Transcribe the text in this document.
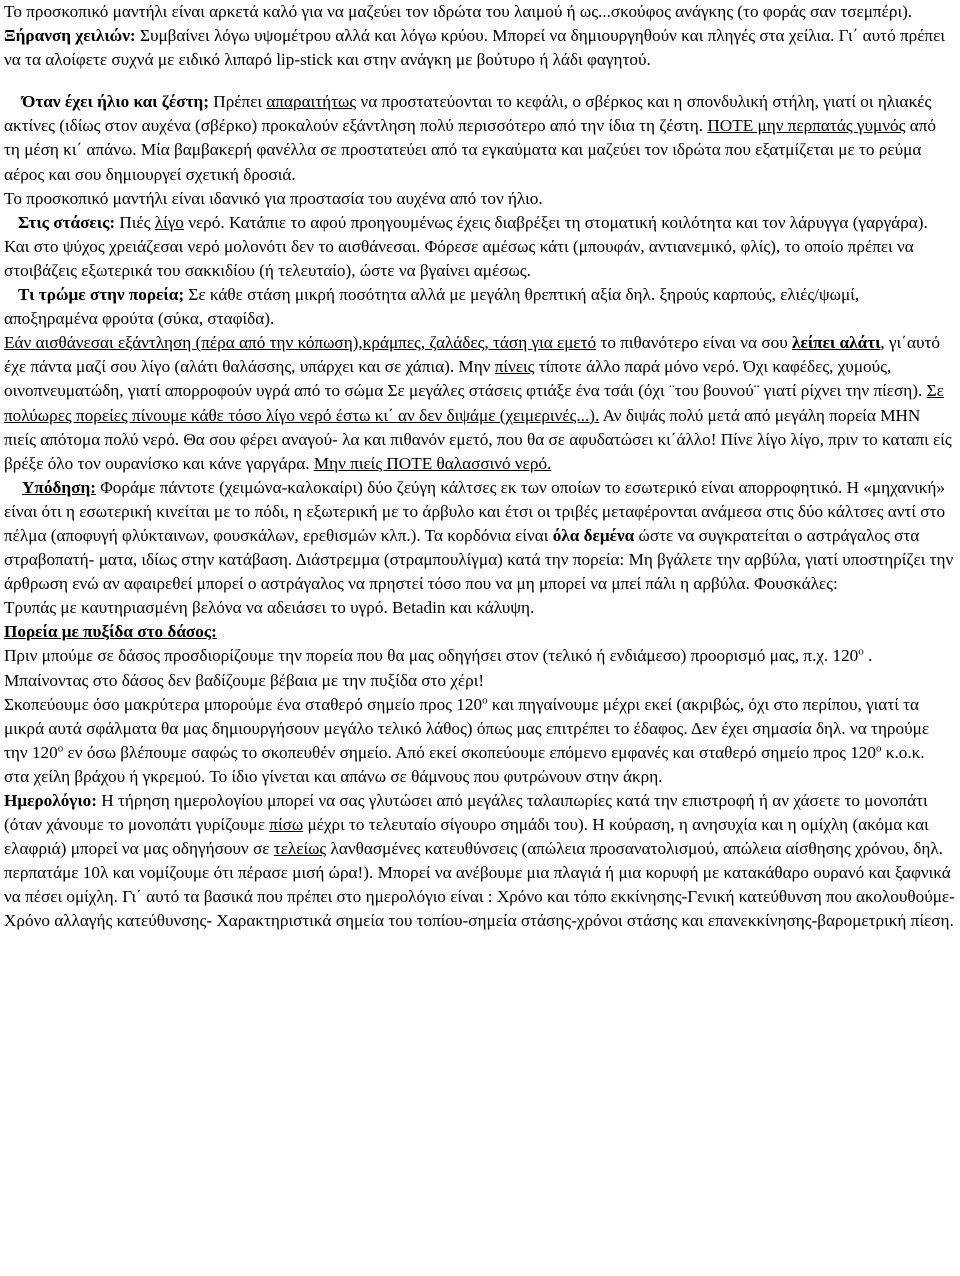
Το προσκοπικό μαντήλι είναι αρκετά καλό για να μαζεύει τον ιδρώτα του λαιμού ή ως...σκούφος ανάγκης (το φοράς σαν τσεμπέρι).

Ξήρανση χειλιών: Συμβαίνει λόγω υψομέτρου αλλά και λόγω κρύου. Μπορεί να δημιουργηθούν και πληγές στα χείλια. Γι΄ αυτό πρέπει να τα αλοίφετε συχνά με ειδικό λιπαρό lip-stick και στην ανάγκη με βούτυρο ή λάδι φαγητού.

Όταν έχει ήλιο και ζέστη; Πρέπει απαραιτήτως να προστατεύονται το κεφάλι, ο σβέρκος και η σπονδυλική στήλη, γιατί οι ηλιακές ακτίνες (ιδίως στον αυχένα (σβέρκο) προκαλούν εξάντληση πολύ περισσότερο από την ίδια τη ζέστη. ΠΟΤΕ μην περπατάς γυμνός από τη μέση κι΄ απάνω. Μία βαμβακερή φανέλλα σε προστατεύει από τα εγκαύματα και μαζεύει τον ιδρώτα που εξατμίζεται με το ρεύμα αέρος και σου δημιουργεί σχετική δροσιά.

Το προσκοπικό μαντήλι είναι ιδανικό για προστασία του αυχένα από τον ήλιο.

Στις στάσεις: Πιές λίγο νερό. Κατάπιε το αφού προηγουμένως έχεις διαβρέξει τη στοματική κοιλότητα και τον λάρυγγα (γαργάρα). Και στο ψύχος χρειάζεσαι νερό μολονότι δεν το αισθάνεσαι. Φόρεσε αμέσως κάτι (μπουφάν, αντιανεμικό, φλίς), το οποίο πρέπει να στοιβάζεις εξωτερικά του σακκιδίου (ή τελευταίο), ώστε να βγαίνει αμέσως.

Τι τρώμε στην πορεία; Σε κάθε στάση μικρή ποσότητα αλλά με μεγάλη θρεπτική αξία δηλ. ξηρούς καρπούς, ελιές/ψωμί, αποξηραμένα φρούτα (σύκα, σταφίδα).

Εάν αισθάνεσαι εξάντληση (πέρα από την κόπωση),κράμπες, ζαλάδες, τάση για εμετό το πιθανότερο είναι να σου λείπει αλάτι, γι΄αυτό έχε πάντα μαζί σου λίγο (αλάτι θαλάσσης, υπάρχει και σε χάπια). Μην πίνεις τίποτε άλλο παρά μόνο νερό. Όχι καφέδες, χυμούς, οινοπνευματώδη, γιατί απορροφούν υγρά από το σώμα Σε μεγάλες στάσεις φτιάξε ένα τσάι (όχι ¨του βουνού¨ γιατί ρίχνει την πίεση). Σε πολύωρες πορείες πίνουμε κάθε τόσο λίγο νερό έστω κι΄ αν δεν διψάμε (χειμερινές...). Αν διψάς πολύ μετά από μεγάλη πορεία ΜΗΝ πιείς απότομα πολύ νερό. Θα σου φέρει αναγού- λα και πιθανόν εμετό, που θα σε αφυδατώσει κι΄άλλο! Πίνε λίγο λίγο, πριν το καταπι είς βρέξε όλο τον ουρανίσκο και κάνε γαργάρα. Μην πιείς ΠΟΤΕ θαλασσινό νερό.

Υπόδηση: Φοράμε πάντοτε (χειμώνα-καλοκαίρι) δύο ζεύγη κάλτσες εκ των οποίων το εσωτερικό είναι απορροφητικό. Η «μηχανική» είναι ότι η εσωτερική κινείται με το πόδι, η εξωτερική με το άρβυλο και έτσι οι τριβές μεταφέρονται ανάμεσα στις δύο κάλτσες αντί στο πέλμα (αποφυγή φλύκταινων, φουσκάλων, ερεθισμών κλπ.). Τα κορδόνια είναι όλα δεμένα ώστε να συγκρατείται ο αστράγαλος στα στραβοπατή- ματα, ιδίως στην κατάβαση. Διάστρεμμα (στραμπουλίγμα) κατά την πορεία: Μη βγάλετε την αρβύλα, γιατί υποστηρίζει την άρθρωση ενώ αν αφαιρεθεί μπορεί ο αστράγαλος να πρηστεί τόσο που να μη μπορεί να μπεί πάλι η αρβύλα. Φουσκάλες:

Τρυπάς με καυτηριασμένη βελόνα να αδειάσει το υγρό. Betadin και κάλυψη.

Πορεία με πυξίδα στο δάσος:

Πριν μπούμε σε δάσος προσδιορίζουμε την πορεία που θα μας οδηγήσει στον (τελικό ή ενδιάμεσο) προορισμό μας, π.χ. $120^o$ . Μπαίνοντας στο δάσος δεν βαδίζουμε βέβαια με την πυξίδα στο χέρι!

Σκοπεύουμε όσο μακρύτερα μπορούμε ένα σταθερό σημείο προς $120^o$ και πηγαίνουμε μέχρι εκεί (ακριβώς, όχι στο περίπου, γιατί τα μικρά αυτά σφάλματα θα μας δημιουργήσουν μεγάλο τελικό λάθος) όπως μας επιτρέπει το έδαφος. Δεν έχει σημασία δηλ. να τηρούμε την $120^o$ εν όσω βλέπουμε σαφώς το σκοπευθέν σημείο. Από εκεί σκοπεύουμε επόμενο εμφανές και σταθερό σημείο προς $120^o$ κ.ο.κ.

στα χείλη βράχου ή γκρεμού. Το ίδιο γίνεται και απάνω σε θάμνους που φυτρώνουν στην άκρη.

Ημερολόγιο: Η τήρηση ημερολογίου μπορεί να σας γλυτώσει από μεγάλες ταλαιπωρίες κατά την επιστροφή ή αν χάσετε το μονοπάτι (όταν χάνουμε το μονοπάτι γυρίζουμε πίσω μέχρι το τελευταίο σίγουρο σημάδι του). Η κούραση, η ανησυχία και η ομίχλη (ακόμα και ελαφριά) μπορεί να μας οδηγήσουν σε τελείως λανθασμένες κατευθύνσεις (απώλεια προσανατολισμού, απώλεια αίσθησης χρόνου, δηλ. περπατάμε 10λ και νομίζουμε ότι πέρασε μισή ώρα!). Μπορεί να ανέβουμε μια πλαγιά ή μια κορυφή με κατακάθαρο ουρανό και ξαφνικά να πέσει ομίχλη. Γι΄ αυτό τα βασικά που πρέπει στο ημερολόγιο είναι : Χρόνο και τόπο εκκίνησης-Γενική κατεύθυνση που ακολουθούμε-Χρόνο αλλαγής κατεύθυνσης- Χαρακτηριστικά σημεία του τοπίου-σημεία στάσης-χρόνοι στάσης και επανεκκίνησης-βαρομετρική πίεση.
